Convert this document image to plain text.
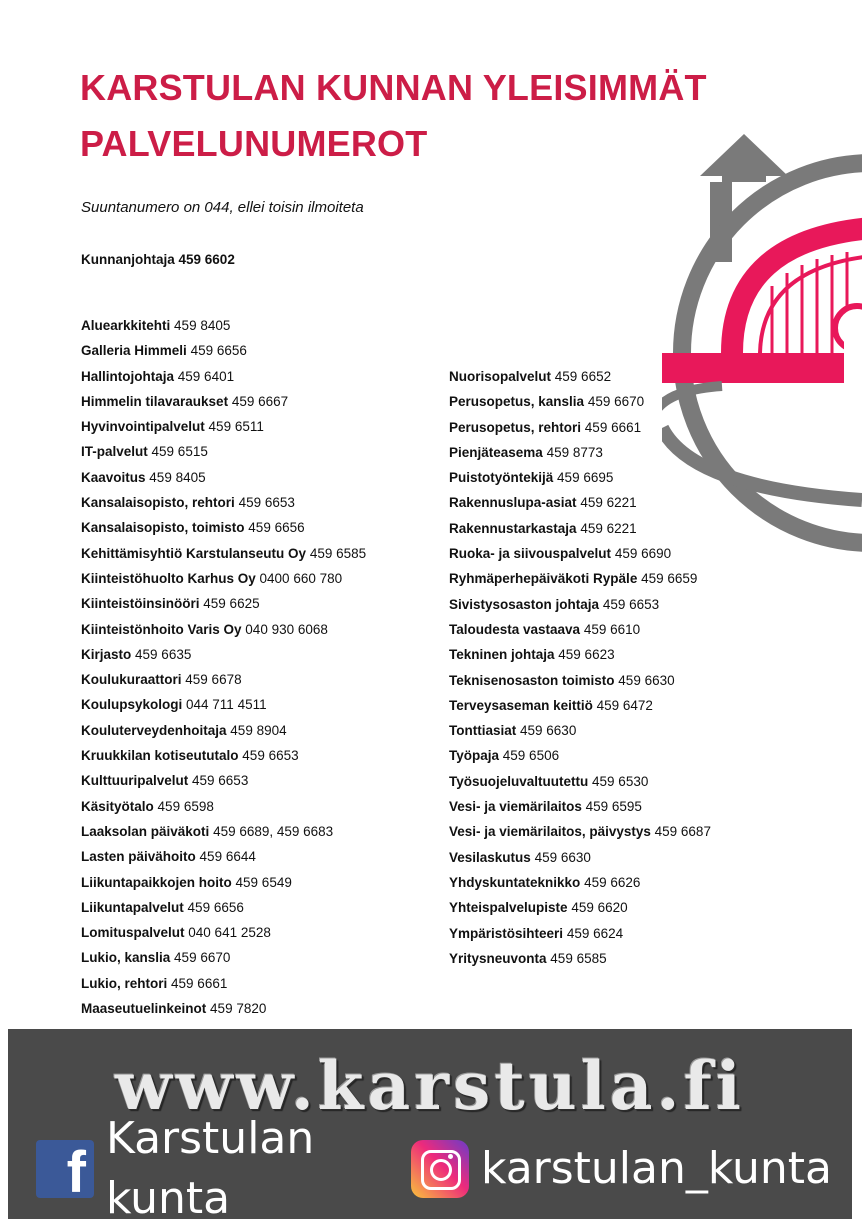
KARSTULAN KUNNAN YLEISIMMÄT
PALVELUNUMEROT

Suuntanumero on 044, ellei toisin ilmoiteta

Kunnanjohtaja 459 6602
Aluearkkitehti 459 8405
Galleria Himmeli 459 6656
Hallintojohtaja 459 6401
Himmelin tilavaraukset 459 6667
Hyvinvointipalvelut 459 6511
IT-palvelut 459 6515
Kaavoitus 459 8405
Kansalaisopisto, rehtori 459 6653
Kansalaisopisto, toimisto 459 6656
Kehittämisyhtiö Karstulanseutu Oy 459 6585
Kiinteistöhuolto Karhus Oy 0400 660 780
Kiinteistöinsinööri 459 6625
Kiinteistönhoito Varis Oy 040 930 6068
Kirjasto 459 6635
Koulukuraattori 459 6678
Koulupsykologi 044 711 4511
Kouluterveydenhoitaja 459 8904
Kruukkilan kotiseututalo 459 6653
Kulttuuripalvelut 459 6653
Käsityötalo 459 6598
Laaksolan päiväkoti 459 6689, 459 6683
Lasten päivähoito 459 6644
Liikuntapaikkojen hoito 459 6549
Liikuntapalvelut 459 6656
Lomituspalvelut 040 641 2528
Lukio, kanslia 459 6670
Lukio, rehtori 459 6661
Maaseutuelinkeinot 459 7820
Nuorisopalvelut 459 6652
Perusopetus, kanslia 459 6670
Perusopetus, rehtori 459 6661
Pienjäteasema 459 8773
Puistotyöntekijä 459 6695
Rakennuslupa-asiat 459 6221
Rakennustarkastaja 459 6221
Ruoka- ja siivouspalvelut 459 6690
Ryhmäperhepäiväkoti Rypäle 459 6659
Sivistysosaston johtaja 459 6653
Taloudesta vastaava 459 6610
Tekninen johtaja 459 6623
Teknisenosaston toimisto 459 6630
Terveysaseman keittiö 459 6472
Tonttiasiat 459 6630
Työpaja 459 6506
Työsuojeluvaltuutettu 459 6530
Vesi- ja viemärilaitos 459 6595
Vesi- ja viemärilaitos, päivystys 459 6687
Vesilaskutus 459 6630
Yhdyskuntateknikko 459 6626
Yhteispalvelupiste 459 6620
Ympäristösihteeri 459 6624
Yritysneuvonta 459 6585
www.karstula.fi
f
Karstulan kunta
karstulan_kunta
